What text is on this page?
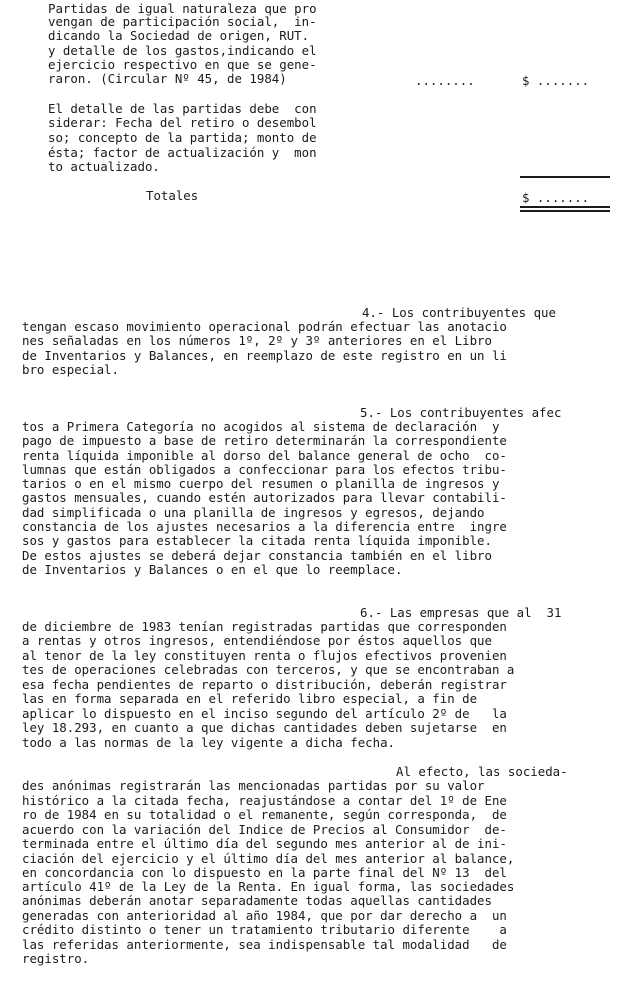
Partidas de igual naturaleza que pro
vengan de participación social,  in-
dicando la Sociedad de origen, RUT.
y detalle de los gastos,indicando el
ejercicio respectivo en que se gene-
raron. (Circular Nº 45, de 1984)	........	$ .......
El detalle de las partidas debe  con
siderar: Fecha del retiro o desembol
so; concepto de la partida; monto de
ésta; factor de actualización y  mon
to actualizado.
Totales	$ .......
4.- Los contribuyentes que
tengan escaso movimiento operacional podrán efectuar las anotacio
nes señaladas en los números 1º, 2º y 3º anteriores en el Libro
de Inventarios y Balances, en reemplazo de este registro en un li
bro especial.
5.- Los contribuyentes afec
tos a Primera Categoría no acogidos al sistema de declaración  y
pago de impuesto a base de retiro determinarán la correspondiente
renta líquida imponible al dorso del balance general de ocho  co-
lumnas que están obligados a confeccionar para los efectos tribu-
tarios o en el mismo cuerpo del resumen o planilla de ingresos y
gastos mensuales, cuando estén autorizados para llevar contabili-
dad simplificada o una planilla de ingresos y egresos, dejando
constancia de los ajustes necesarios a la diferencia entre  ingre
sos y gastos para establecer la citada renta líquida imponible.
De estos ajustes se deberá dejar constancia también en el libro
de Inventarios y Balances o en el que lo reemplace.
6.- Las empresas que al  31
de diciembre de 1983 tenían registradas partidas que corresponden
a rentas y otros ingresos, entendiéndose por éstos aquellos que
al tenor de la ley constituyen renta o flujos efectivos provenien
tes de operaciones celebradas con terceros, y que se encontraban a
esa fecha pendientes de reparto o distribución, deberán registrar
las en forma separada en el referido libro especial, a fin de
aplicar lo dispuesto en el inciso segundo del artículo 2º de   la
ley 18.293, en cuanto a que dichas cantidades deben sujetarse  en
todo a las normas de la ley vigente a dicha fecha.
Al efecto, las socieda-
des anónimas registrarán las mencionadas partidas por su valor
histórico a la citada fecha, reajustándose a contar del 1º de Ene
ro de 1984 en su totalidad o el remanente, según corresponda,  de
acuerdo con la variación del Indice de Precios al Consumidor  de-
terminada entre el último día del segundo mes anterior al de ini-
ciación del ejercicio y el último día del mes anterior al balance,
en concordancia con lo dispuesto en la parte final del Nº 13  del
artículo 41º de la Ley de la Renta. En igual forma, las sociedades
anónimas deberán anotar separadamente todas aquellas cantidades
generadas con anterioridad al año 1984, que por dar derecho a  un
crédito distinto o tener un tratamiento tributario diferente    a
las referidas anteriormente, sea indispensable tal modalidad   de
registro.
